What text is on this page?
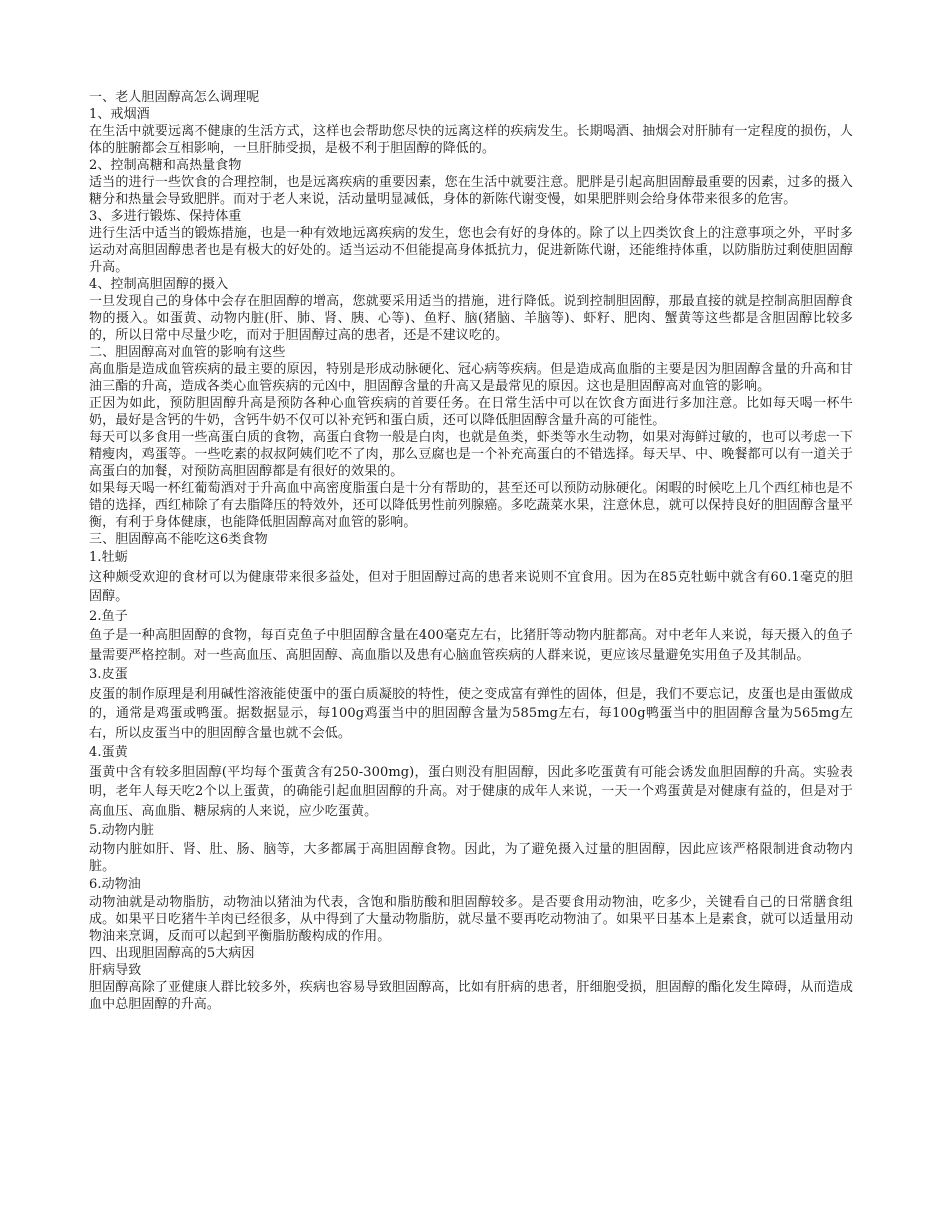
一、老人胆固醇高怎么调理呢

1、戒烟酒

在生活中就要远离不健康的生活方式，这样也会帮助您尽快的远离这样的疾病发生。长期喝酒、抽烟会对肝肺有一定程度的损伤，人体的脏腑都会互相影响，一旦肝肺受损，是极不利于胆固醇的降低的。

2、控制高糖和高热量食物

适当的进行一些饮食的合理控制，也是远离疾病的重要因素，您在生活中就要注意。肥胖是引起高胆固醇最重要的因素，过多的摄入糖分和热量会导致肥胖。而对于老人来说，活动量明显减低，身体的新陈代谢变慢，如果肥胖则会给身体带来很多的危害。

3、多进行锻炼、保持体重

进行生活中适当的锻炼措施，也是一种有效地远离疾病的发生，您也会有好的身体的。除了以上四类饮食上的注意事项之外，平时多运动对高胆固醇患者也是有极大的好处的。适当运动不但能提高身体抵抗力，促进新陈代谢，还能维持体重，以防脂肪过剩使胆固醇升高。

4、控制高胆固醇的摄入

一旦发现自己的身体中会存在胆固醇的增高，您就要采用适当的措施，进行降低。说到控制胆固醇，那最直接的就是控制高胆固醇食物的摄入。如蛋黄、动物内脏(肝、肺、肾、胰、心等)、鱼籽、脑(猪脑、羊脑等)、虾籽、肥肉、蟹黄等这些都是含胆固醇比较多的，所以日常中尽量少吃，而对于胆固醇过高的患者，还是不建议吃的。

二、胆固醇高对血管的影响有这些

高血脂是造成血管疾病的最主要的原因，特别是形成动脉硬化、冠心病等疾病。但是造成高血脂的主要是因为胆固醇含量的升高和甘油三酯的升高，造成各类心血管疾病的元凶中，胆固醇含量的升高又是最常见的原因。这也是胆固醇高对血管的影响。

正因为如此，预防胆固醇升高是预防各种心血管疾病的首要任务。在日常生活中可以在饮食方面进行多加注意。比如每天喝一杯牛奶，最好是含钙的牛奶，含钙牛奶不仅可以补充钙和蛋白质，还可以降低胆固醇含量升高的可能性。

每天可以多食用一些高蛋白质的食物，高蛋白食物一般是白肉，也就是鱼类，虾类等水生动物，如果对海鲜过敏的，也可以考虑一下精瘦肉，鸡蛋等。一些吃素的叔叔阿姨们吃不了肉，那么豆腐也是一个补充高蛋白的不错选择。每天早、中、晚餐都可以有一道关于高蛋白的加餐，对预防高胆固醇都是有很好的效果的。

如果每天喝一杯红葡萄酒对于升高血中高密度脂蛋白是十分有帮助的，甚至还可以预防动脉硬化。闲暇的时候吃上几个西红柿也是不错的选择，西红柿除了有去脂降压的特效外，还可以降低男性前列腺癌。多吃蔬菜水果，注意休息，就可以保持良好的胆固醇含量平衡，有利于身体健康，也能降低胆固醇高对血管的影响。

三、胆固醇高不能吃这6类食物

1.牡蛎

这种颇受欢迎的食材可以为健康带来很多益处，但对于胆固醇过高的患者来说则不宜食用。因为在85克牡蛎中就含有60.1毫克的胆固醇。

2.鱼子

鱼子是一种高胆固醇的食物，每百克鱼子中胆固醇含量在400毫克左右，比猪肝等动物内脏都高。对中老年人来说，每天摄入的鱼子量需要严格控制。对一些高血压、高胆固醇、高血脂以及患有心脑血管疾病的人群来说，更应该尽量避免实用鱼子及其制品。

3.皮蛋

皮蛋的制作原理是利用碱性溶液能使蛋中的蛋白质凝胶的特性，使之变成富有弹性的固体，但是，我们不要忘记，皮蛋也是由蛋做成的，通常是鸡蛋或鸭蛋。据数据显示，每100g鸡蛋当中的胆固醇含量为585mg左右，每100g鸭蛋当中的胆固醇含量为565mg左右，所以皮蛋当中的胆固醇含量也就不会低。

4.蛋黄

蛋黄中含有较多胆固醇(平均每个蛋黄含有250-300mg)，蛋白则没有胆固醇，因此多吃蛋黄有可能会诱发血胆固醇的升高。实验表明，老年人每天吃2个以上蛋黄，的确能引起血胆固醇的升高。对于健康的成年人来说，一天一个鸡蛋黄是对健康有益的，但是对于高血压、高血脂、糖尿病的人来说，应少吃蛋黄。

5.动物内脏

动物内脏如肝、肾、肚、肠、脑等，大多都属于高胆固醇食物。因此，为了避免摄入过量的胆固醇，因此应该严格限制进食动物内脏。

6.动物油

动物油就是动物脂肪，动物油以猪油为代表，含饱和脂肪酸和胆固醇较多。是否要食用动物油，吃多少，关键看自己的日常膳食组成。如果平日吃猪牛羊肉已经很多，从中得到了大量动物脂肪，就尽量不要再吃动物油了。如果平日基本上是素食，就可以适量用动物油来烹调，反而可以起到平衡脂肪酸构成的作用。

四、出现胆固醇高的5大病因

肝病导致

胆固醇高除了亚健康人群比较多外，疾病也容易导致胆固醇高，比如有肝病的患者，肝细胞受损，胆固醇的酯化发生障碍，从而造成血中总胆固醇的升高。
